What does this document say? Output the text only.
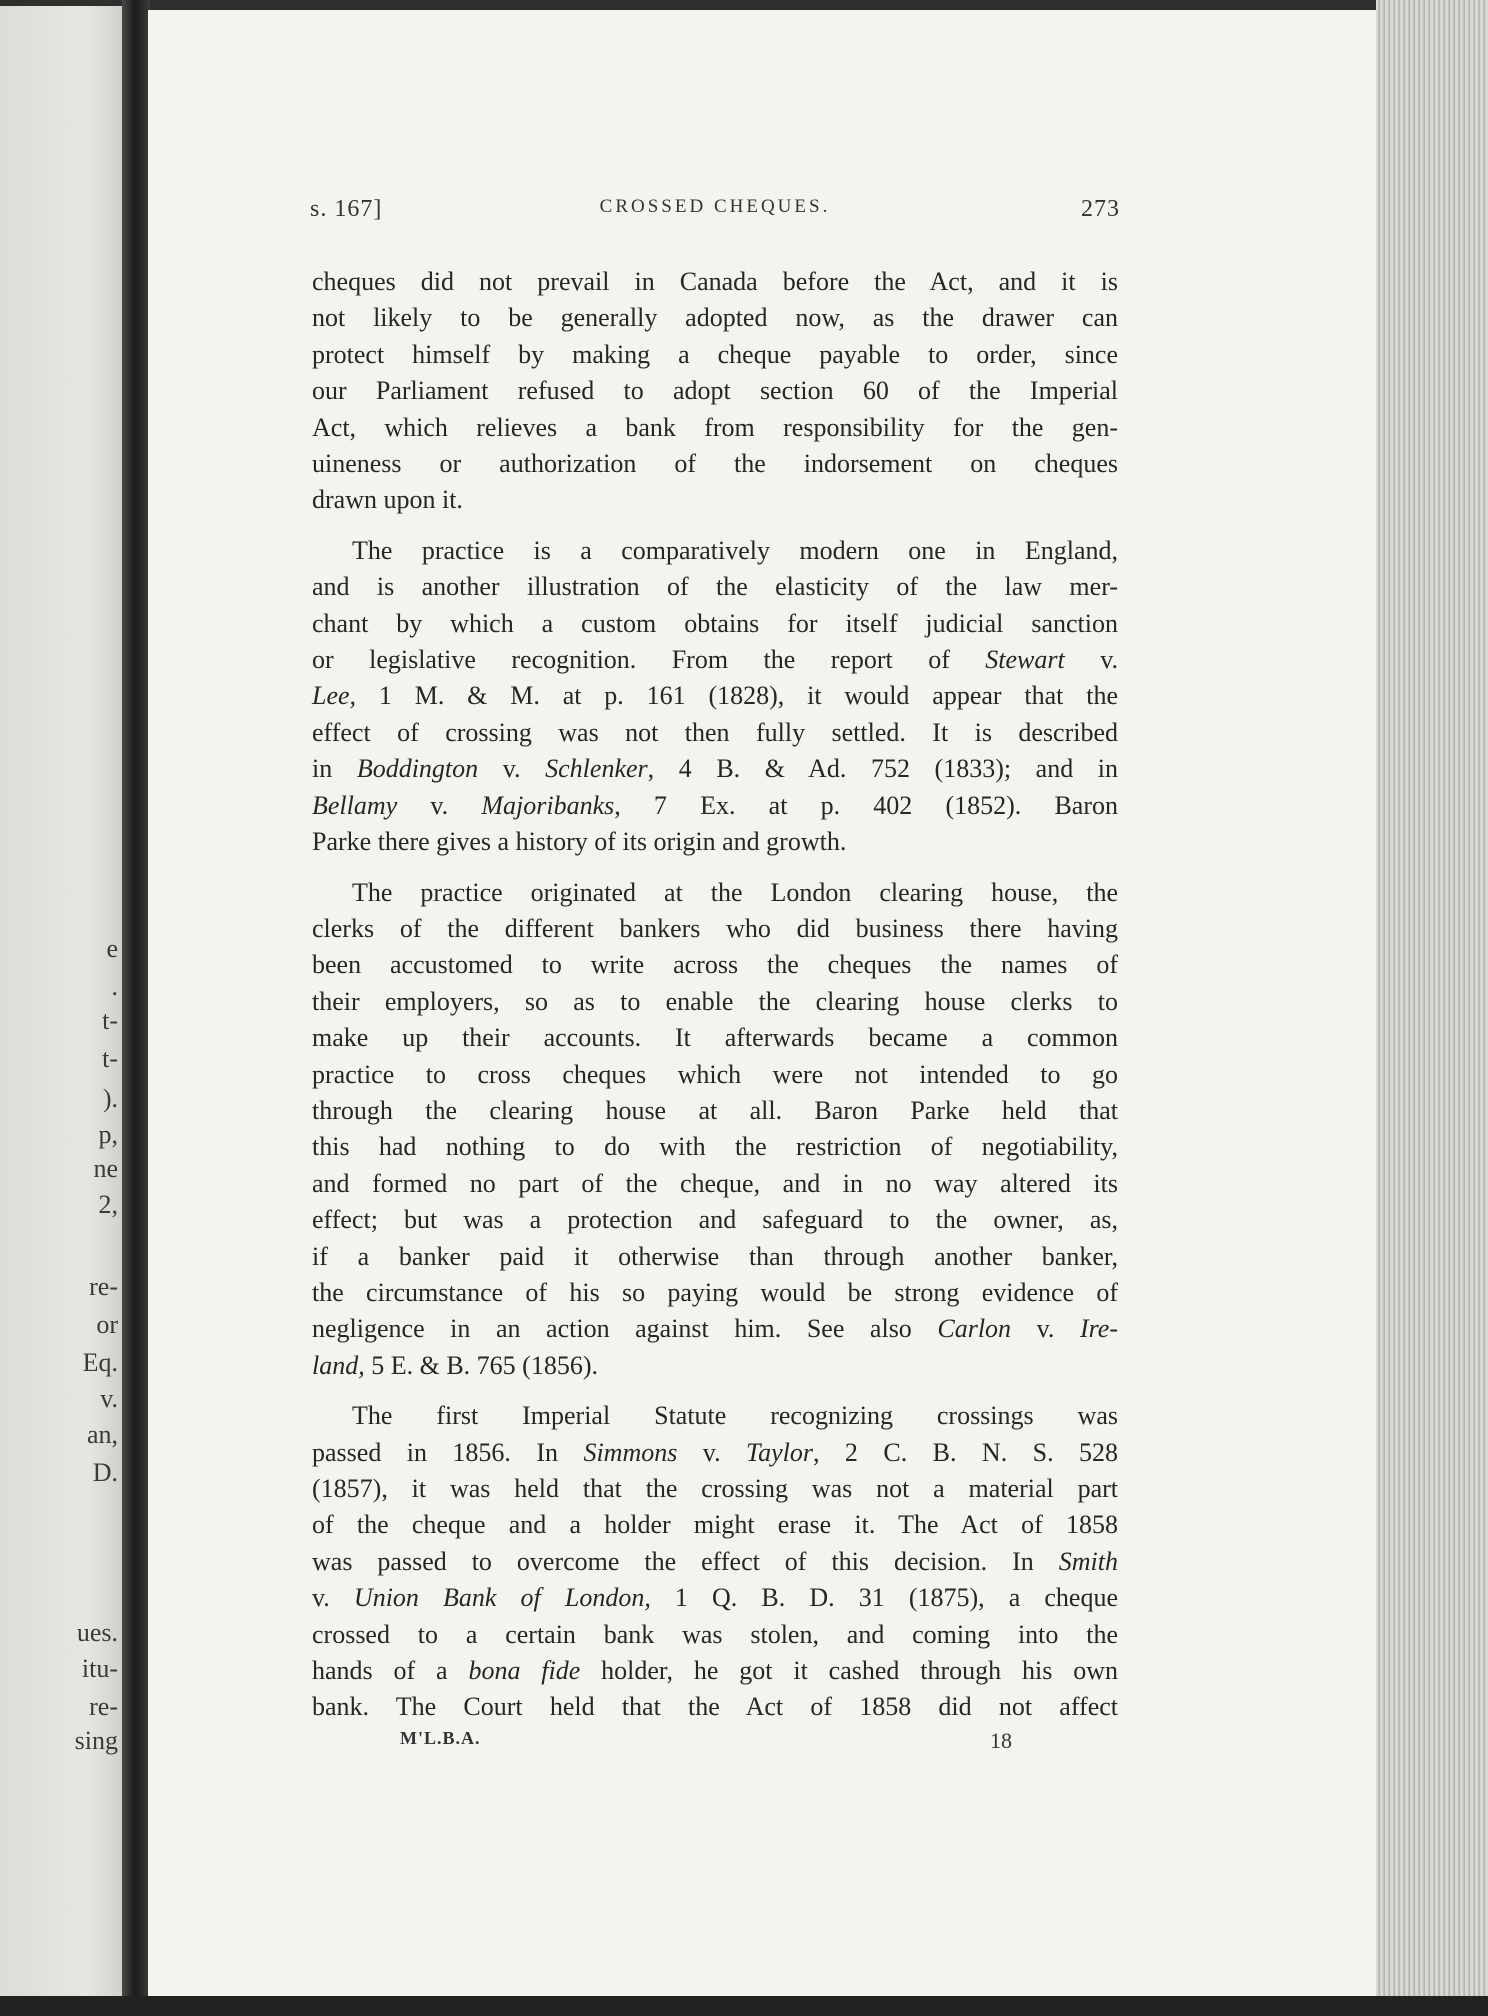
e
.
t-
t-
).
p,
ne
2,
re-
or
Eq.
v.
an,
D.
ues.
itu-
re-
sing
s. 167]	CROSSED CHEQUES.	273
cheques did not prevail in Canada before the Act, and it is
not likely to be generally adopted now, as the drawer can
protect himself by making a cheque payable to order, since
our Parliament refused to adopt section 60 of the Imperial
Act, which relieves a bank from responsibility for the gen-
uineness or authorization of the indorsement on cheques
drawn upon it.
The practice is a comparatively modern one in England,
and is another illustration of the elasticity of the law mer-
chant by which a custom obtains for itself judicial sanction
or legislative recognition. From the report of Stewart v.
Lee, 1 M. & M. at p. 161 (1828), it would appear that the
effect of crossing was not then fully settled. It is described
in Boddington v. Schlenker, 4 B. & Ad. 752 (1833); and in
Bellamy v. Majoribanks, 7 Ex. at p. 402 (1852). Baron
Parke there gives a history of its origin and growth.
The practice originated at the London clearing house, the
clerks of the different bankers who did business there having
been accustomed to write across the cheques the names of
their employers, so as to enable the clearing house clerks to
make up their accounts. It afterwards became a common
practice to cross cheques which were not intended to go
through the clearing house at all. Baron Parke held that
this had nothing to do with the restriction of negotiability,
and formed no part of the cheque, and in no way altered its
effect; but was a protection and safeguard to the owner, as,
if a banker paid it otherwise than through another banker,
the circumstance of his so paying would be strong evidence of
negligence in an action against him. See also Carlon v. Ire-
land, 5 E. & B. 765 (1856).
The first Imperial Statute recognizing crossings was
passed in 1856. In Simmons v. Taylor, 2 C. B. N. S. 528
(1857), it was held that the crossing was not a material part
of the cheque and a holder might erase it. The Act of 1858
was passed to overcome the effect of this decision. In Smith
v. Union Bank of London, 1 Q. B. D. 31 (1875), a cheque
crossed to a certain bank was stolen, and coming into the
hands of a bona fide holder, he got it cashed through his own
bank. The Court held that the Act of 1858 did not affect
M'L.B.A.	18
